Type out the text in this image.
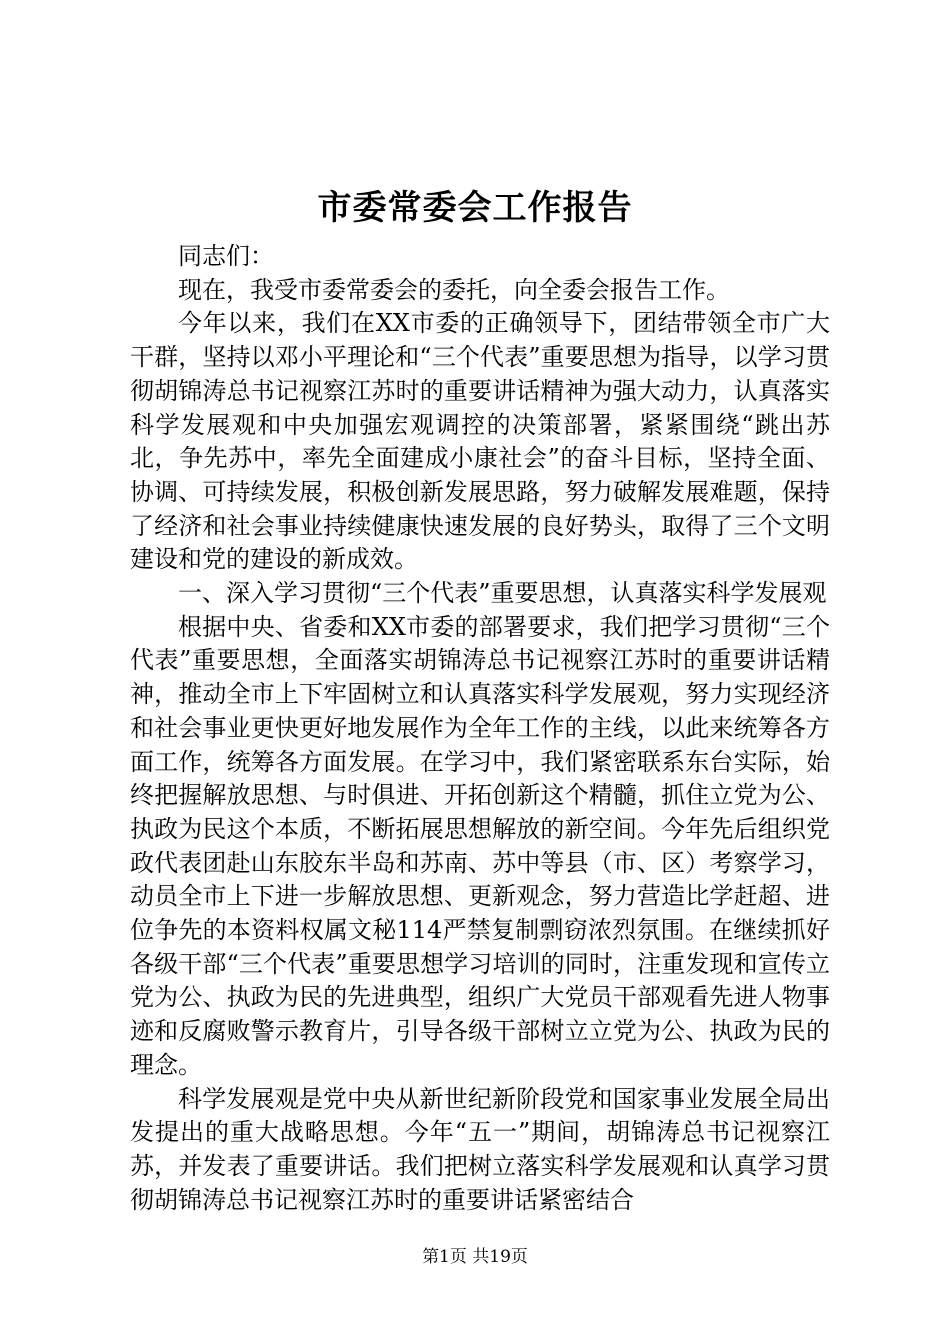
市委常委会工作报告

同志们：

现在，我受市委常委会的委托，向全委会报告工作。

今年以来，我们在XX市委的正确领导下，团结带领全市广大干群，坚持以邓小平理论和“三个代表”重要思想为指导，以学习贯彻胡锦涛总书记视察江苏时的重要讲话精神为强大动力，认真落实科学发展观和中央加强宏观调控的决策部署，紧紧围绕“跳出苏北，争先苏中，率先全面建成小康社会”的奋斗目标，坚持全面、协调、可持续发展，积极创新发展思路，努力破解发展难题，保持了经济和社会事业持续健康快速发展的良好势头，取得了三个文明建设和党的建设的新成效。

一、深入学习贯彻“三个代表”重要思想，认真落实科学发展观

根据中央、省委和XX市委的部署要求，我们把学习贯彻“三个代表”重要思想，全面落实胡锦涛总书记视察江苏时的重要讲话精神，推动全市上下牢固树立和认真落实科学发展观，努力实现经济和社会事业更快更好地发展作为全年工作的主线，以此来统筹各方面工作，统筹各方面发展。在学习中，我们紧密联系东台实际，始终把握解放思想、与时俱进、开拓创新这个精髓，抓住立党为公、执政为民这个本质，不断拓展思想解放的新空间。今年先后组织党政代表团赴山东胶东半岛和苏南、苏中等县（市、区）考察学习，动员全市上下进一步解放思想、更新观念，努力营造比学赶超、进位争先的本资料权属文秘114严禁复制剽窃浓烈氛围。在继续抓好各级干部“三个代表”重要思想学习培训的同时，注重发现和宣传立党为公、执政为民的先进典型，组织广大党员干部观看先进人物事迹和反腐败警示教育片，引导各级干部树立立党为公、执政为民的理念。

科学发展观是党中央从新世纪新阶段党和国家事业发展全局出发提出的重大战略思想。今年“五一”期间，胡锦涛总书记视察江苏，并发表了重要讲话。我们把树立落实科学发展观和认真学习贯彻胡锦涛总书记视察江苏时的重要讲话紧密结合

第1页 共19页
